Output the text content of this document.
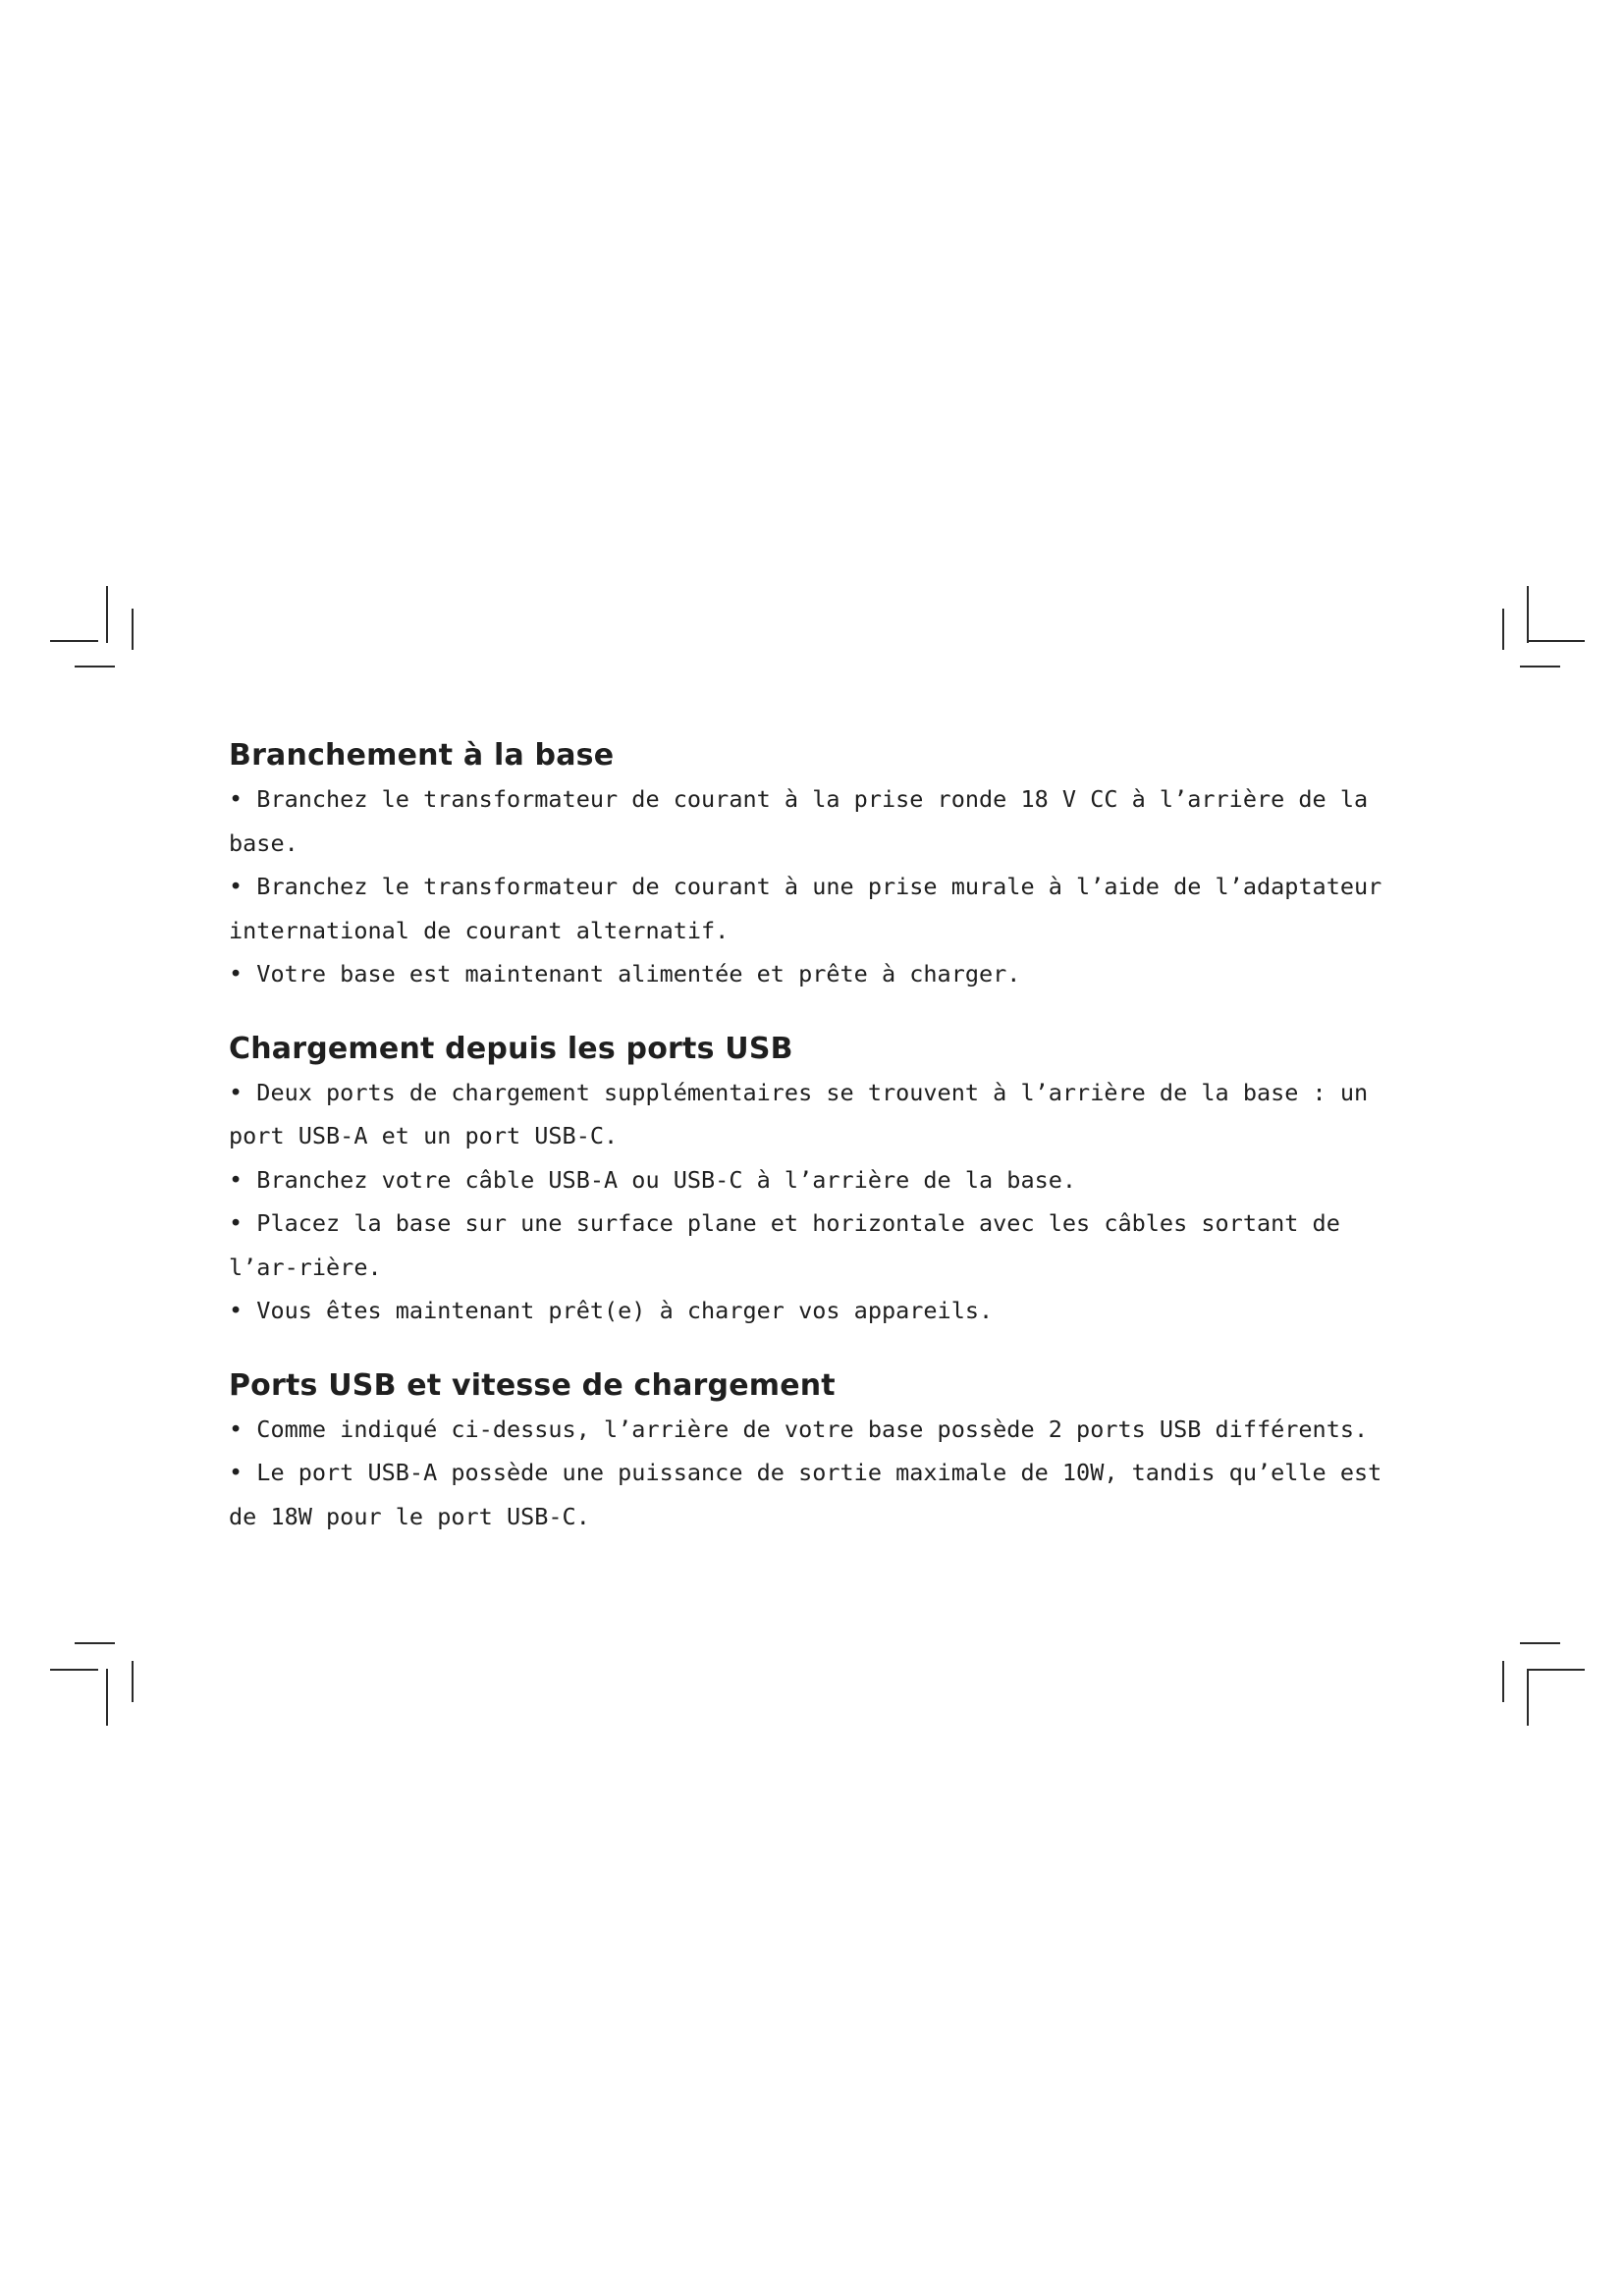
Branchement à la base

• Branchez le transformateur de courant à la prise ronde 18 V CC à l’arrière de la base.

• Branchez le transformateur de courant à une prise murale à l’aide de l’adaptateur international de courant alternatif.

• Votre base est maintenant alimentée et prête à charger.

Chargement depuis les ports USB

• Deux ports de chargement supplémentaires se trouvent à l’arrière de la base : un port USB-A et un port USB-C.

• Branchez votre câble USB-A ou USB-C à l’arrière de la base.

• Placez la base sur une surface plane et horizontale avec les câbles sortant de l’ar-rière.

• Vous êtes maintenant prêt(e) à charger vos appareils.

Ports USB et vitesse de chargement

• Comme indiqué ci-dessus, l’arrière de votre base possède 2 ports USB différents.

• Le port USB-A possède une puissance de sortie maximale de 10W, tandis qu’elle est de 18W pour le port USB-C.
